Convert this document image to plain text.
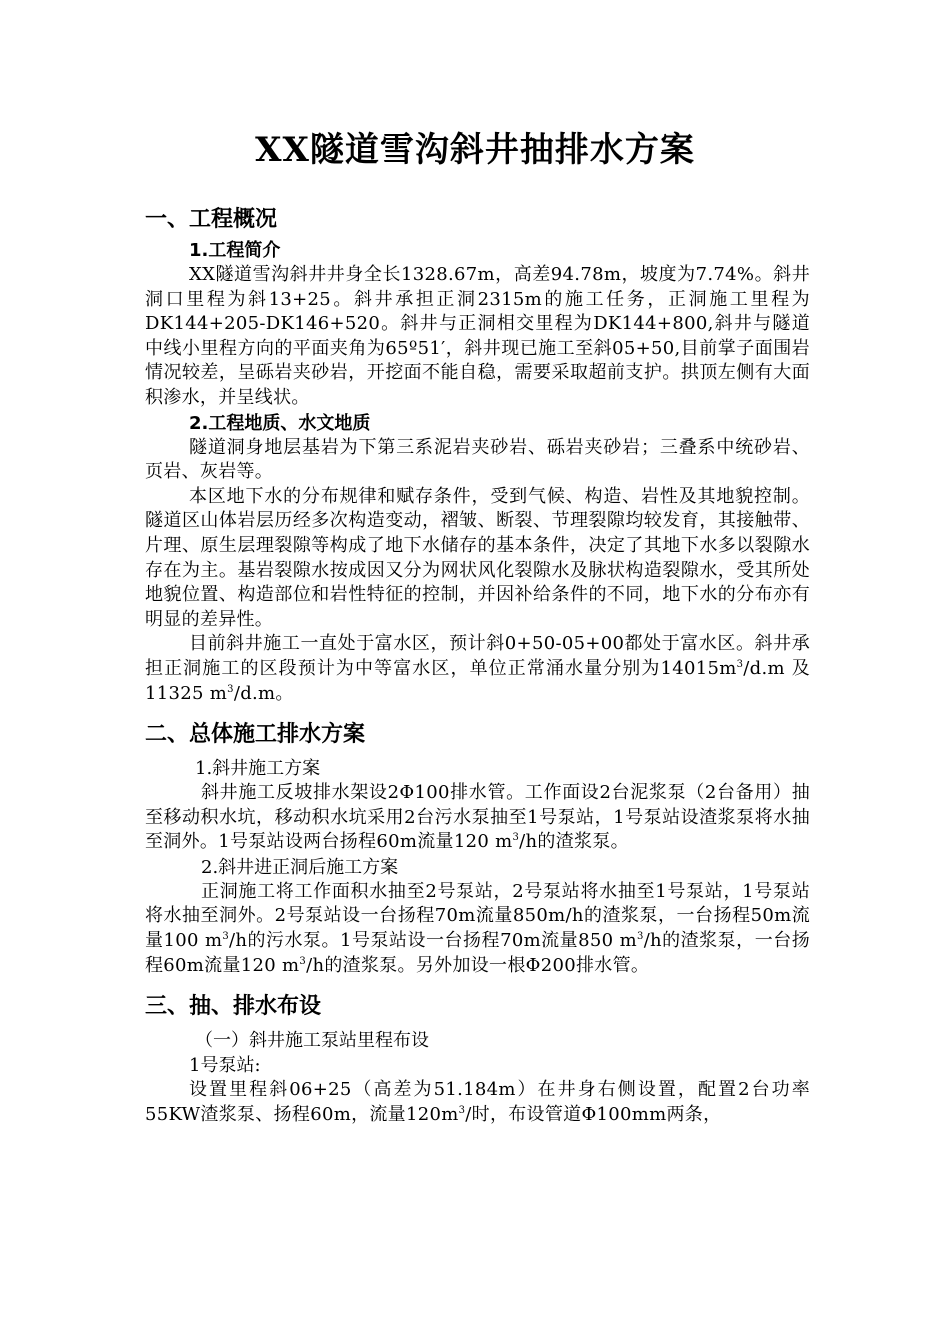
XX隧道雪沟斜井抽排水方案
一、工程概况
1.工程简介

XX隧道雪沟斜井井身全长1328.67m，高差94.78m，坡度为7.74%。斜井洞口里程为斜13+25。斜井承担正洞2315m的施工任务，正洞施工里程为DK144+205-DK146+520。斜井与正洞相交里程为DK144+800,斜井与隧道中线小里程方向的平面夹角为65º51′，斜井现已施工至斜05+50,目前掌子面围岩情况较差，呈砾岩夹砂岩，开挖面不能自稳，需要采取超前支护。拱顶左侧有大面积渗水，并呈线状。

2.工程地质、水文地质

隧道洞身地层基岩为下第三系泥岩夹砂岩、砾岩夹砂岩；三叠系中统砂岩、页岩、灰岩等。

本区地下水的分布规律和赋存条件，受到气候、构造、岩性及其地貌控制。隧道区山体岩层历经多次构造变动，褶皱、断裂、节理裂隙均较发育，其接触带、片理、原生层理裂隙等构成了地下水储存的基本条件，决定了其地下水多以裂隙水存在为主。基岩裂隙水按成因又分为网状风化裂隙水及脉状构造裂隙水，受其所处地貌位置、构造部位和岩性特征的控制，并因补给条件的不同，地下水的分布亦有明显的差异性。

目前斜井施工一直处于富水区，预计斜0+50-05+00都处于富水区。斜井承担正洞施工的区段预计为中等富水区，单位正常涌水量分别为$14015m^3/d.m$ 及11325 $m^3/d.m$。

二、总体施工排水方案
1.斜井施工方案

斜井施工反坡排水架设2Φ100排水管。工作面设2台泥浆泵（2台备用）抽至移动积水坑，移动积水坑采用2台污水泵抽至1号泵站，1号泵站设渣浆泵将水抽至洞外。1号泵站设两台扬程60m流量120 $m^3/h$的渣浆泵。

2.斜井进正洞后施工方案

正洞施工将工作面积水抽至2号泵站，2号泵站将水抽至1号泵站，1号泵站将水抽至洞外。2号泵站设一台扬程70m流量850m/h的渣浆泵，一台扬程50m流量100 $m^3/h$的污水泵。1号泵站设一台扬程70m流量850 $m^3/h$的渣浆泵，一台扬程60m流量120 $m^3/h$的渣浆泵。另外加设一根Φ200排水管。

三、抽、排水布设
（一）斜井施工泵站里程布设
1号泵站:

设置里程斜06+25（高差为51.184m）在井身右侧设置，配置2台功率55KW渣浆泵、扬程60m，流量$120m^3/$时，布设管道Φ100mm两条，
